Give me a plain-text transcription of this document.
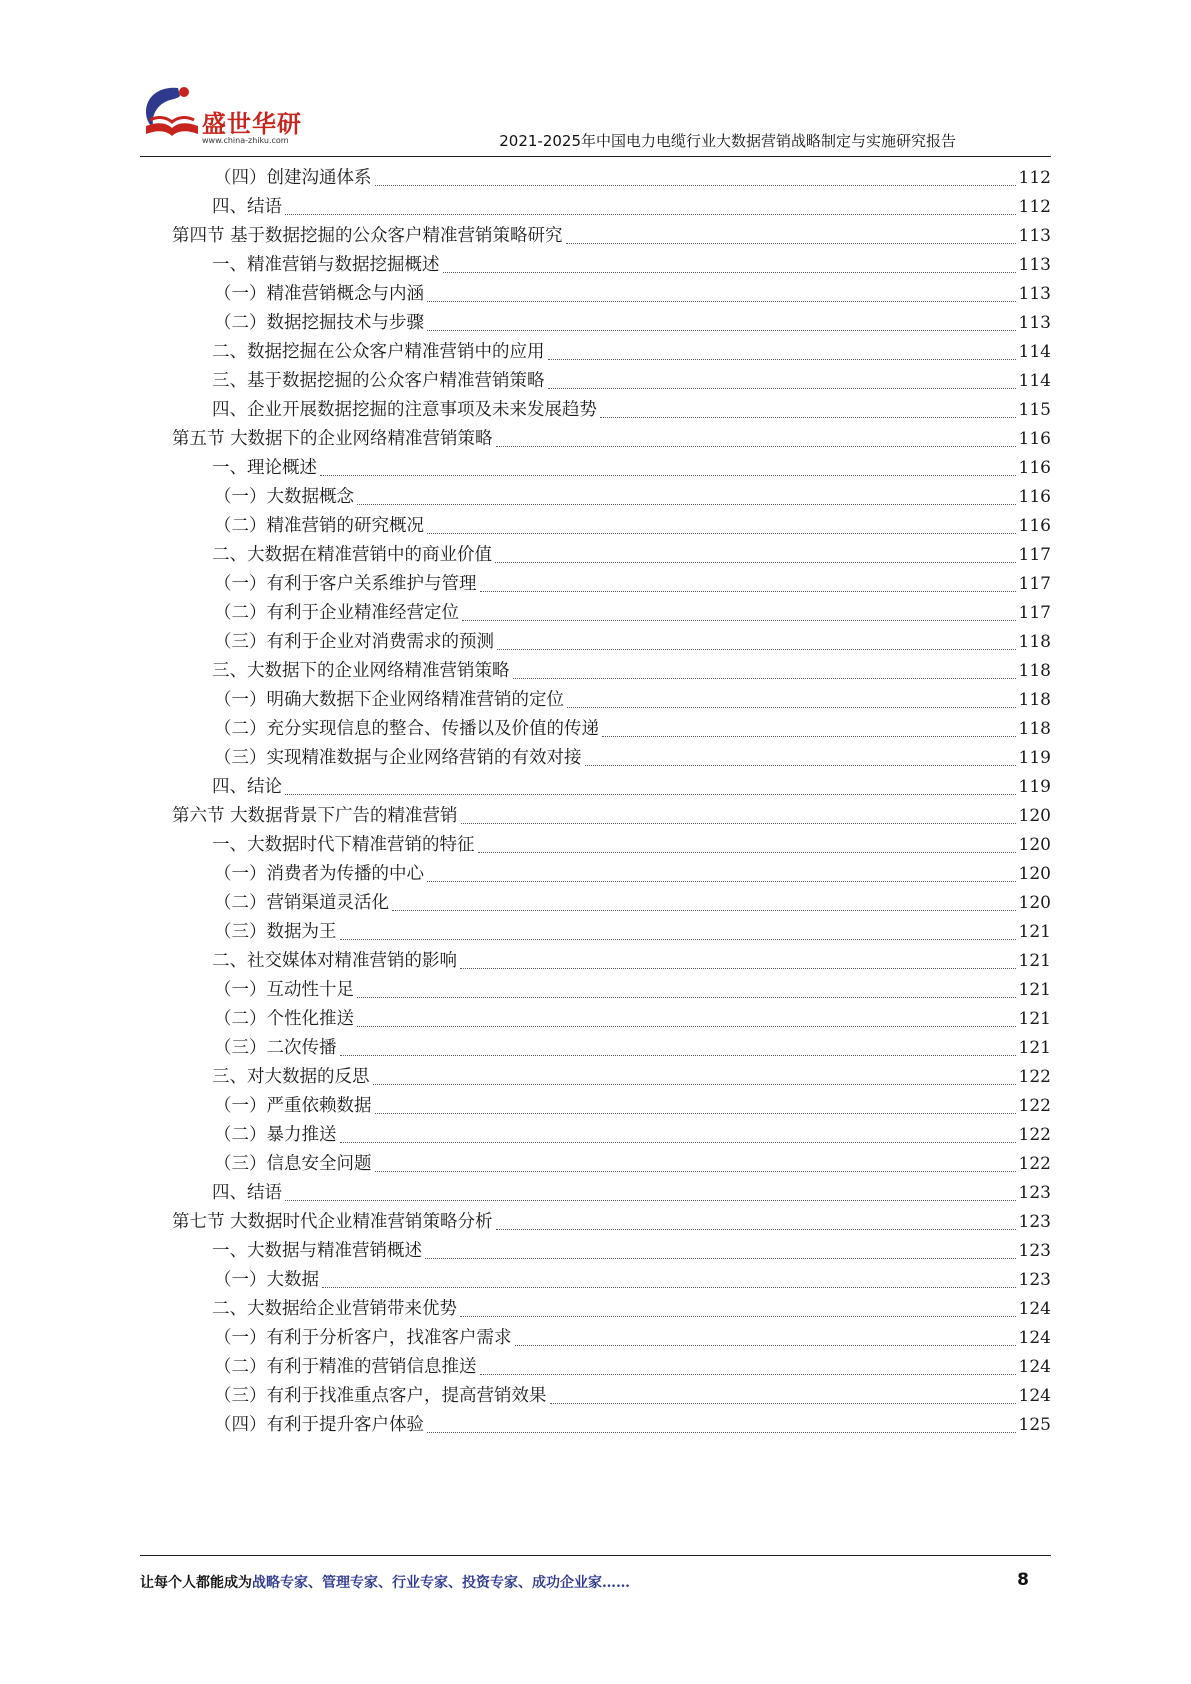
盛世华研
www.china-zhiku.com	2021-2025年中国电力电缆行业大数据营销战略制定与实施研究报告
（四）创建沟通体系	112
四、结语	112
第四节 基于数据挖掘的公众客户精准营销策略研究	113
一、精准营销与数据挖掘概述	113
（一）精准营销概念与内涵	113
（二）数据挖掘技术与步骤	113
二、数据挖掘在公众客户精准营销中的应用	114
三、基于数据挖掘的公众客户精准营销策略	114
四、企业开展数据挖掘的注意事项及未来发展趋势	115
第五节 大数据下的企业网络精准营销策略	116
一、理论概述	116
（一）大数据概念	116
（二）精准营销的研究概况	116
二、大数据在精准营销中的商业价值	117
（一）有利于客户关系维护与管理	117
（二）有利于企业精准经营定位	117
（三）有利于企业对消费需求的预测	118
三、大数据下的企业网络精准营销策略	118
（一）明确大数据下企业网络精准营销的定位	118
（二）充分实现信息的整合、传播以及价值的传递	118
（三）实现精准数据与企业网络营销的有效对接	119
四、结论	119
第六节 大数据背景下广告的精准营销	120
一、大数据时代下精准营销的特征	120
（一）消费者为传播的中心	120
（二）营销渠道灵活化	120
（三）数据为王	121
二、社交媒体对精准营销的影响	121
（一）互动性十足	121
（二）个性化推送	121
（三）二次传播	121
三、对大数据的反思	122
（一）严重依赖数据	122
（二）暴力推送	122
（三）信息安全问题	122
四、结语	123
第七节 大数据时代企业精准营销策略分析	123
一、大数据与精准营销概述	123
（一）大数据	123
二、大数据给企业营销带来优势	124
（一）有利于分析客户，找准客户需求	124
（二）有利于精准的营销信息推送	124
（三）有利于找准重点客户，提高营销效果	124
（四）有利于提升客户体验	125
让每个人都能成为战略专家、管理专家、行业专家、投资专家、成功企业家……	8
